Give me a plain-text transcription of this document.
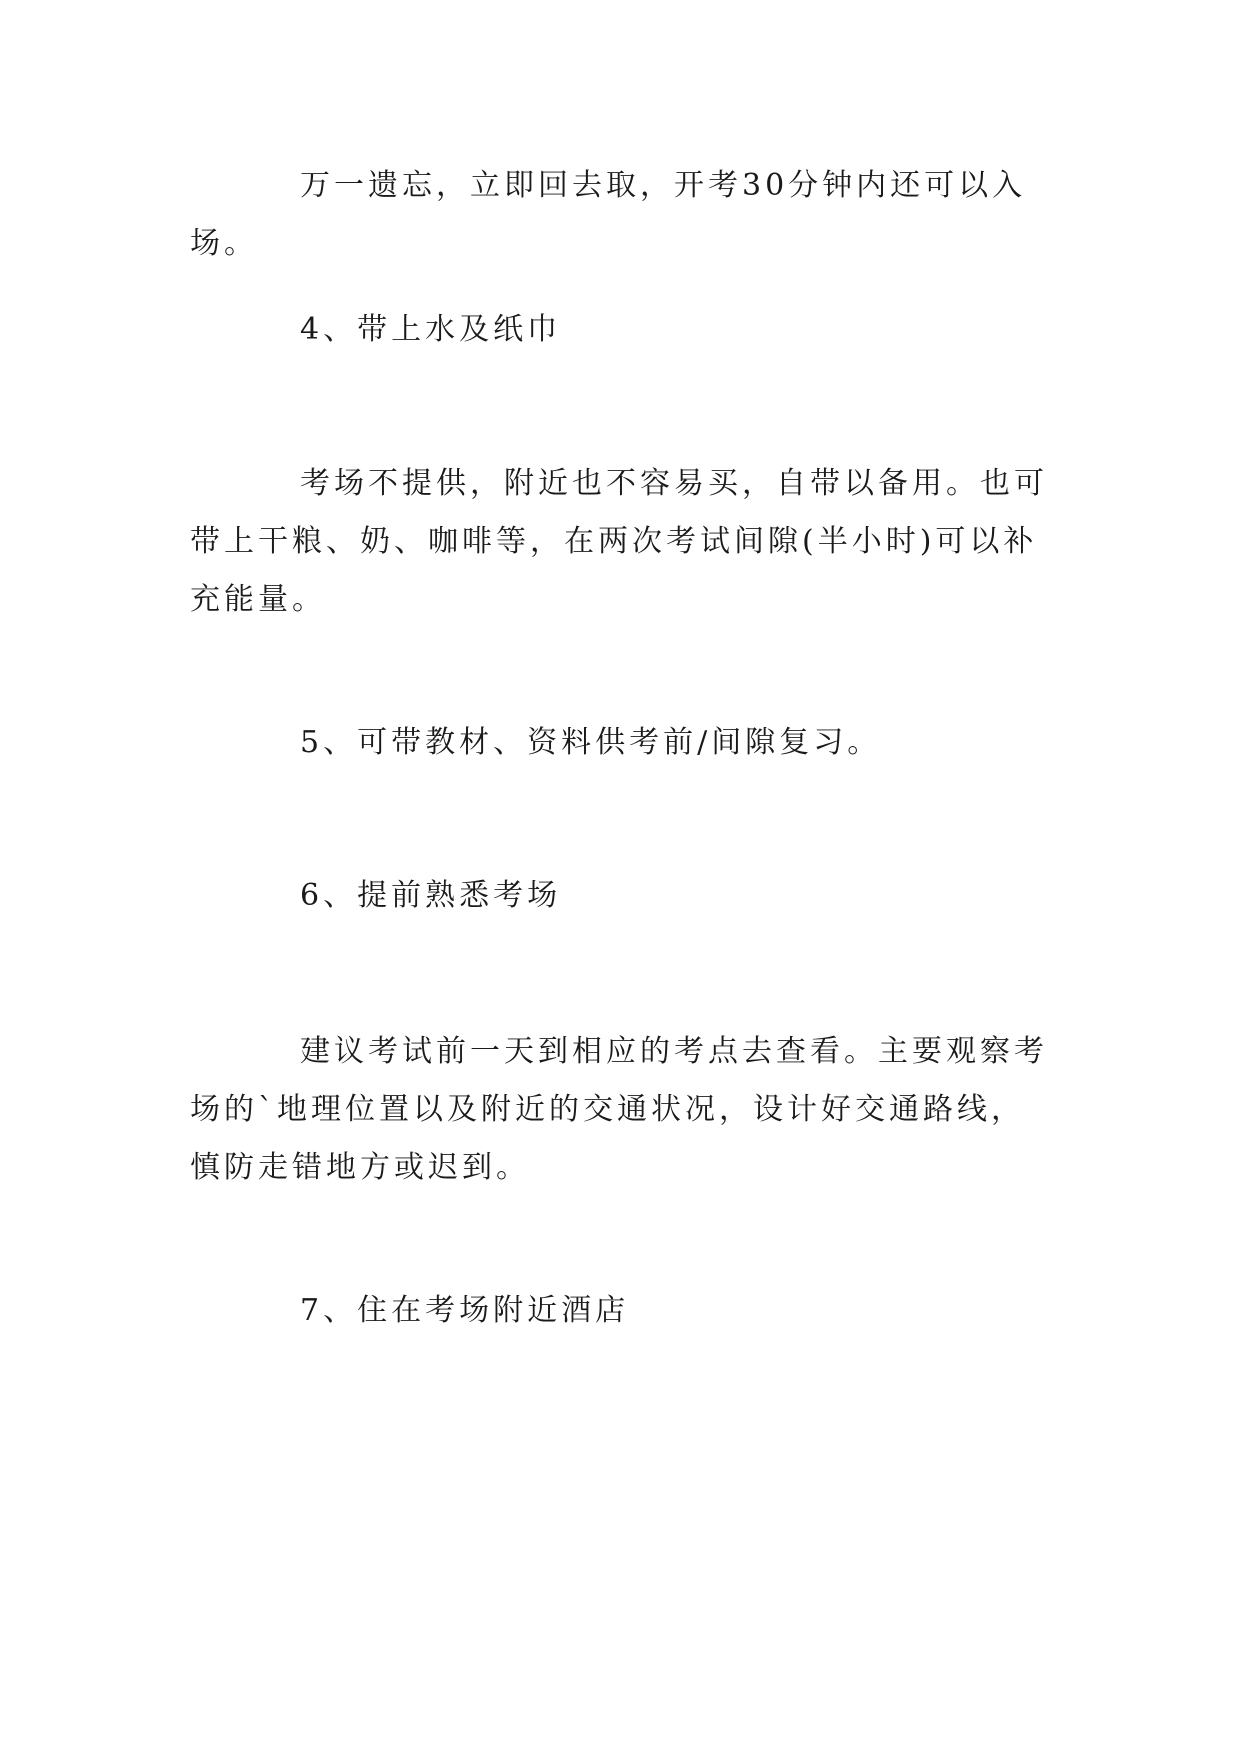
万一遗忘，立即回去取，开考30分钟内还可以入场。

4、带上水及纸巾

考场不提供，附近也不容易买，自带以备用。也可带上干粮、奶、咖啡等，在两次考试间隙(半小时)可以补充能量。

5、可带教材、资料供考前/间隙复习。

6、提前熟悉考场

建议考试前一天到相应的考点去查看。主要观察考场的`地理位置以及附近的交通状况，设计好交通路线，慎防走错地方或迟到。

7、住在考场附近酒店
